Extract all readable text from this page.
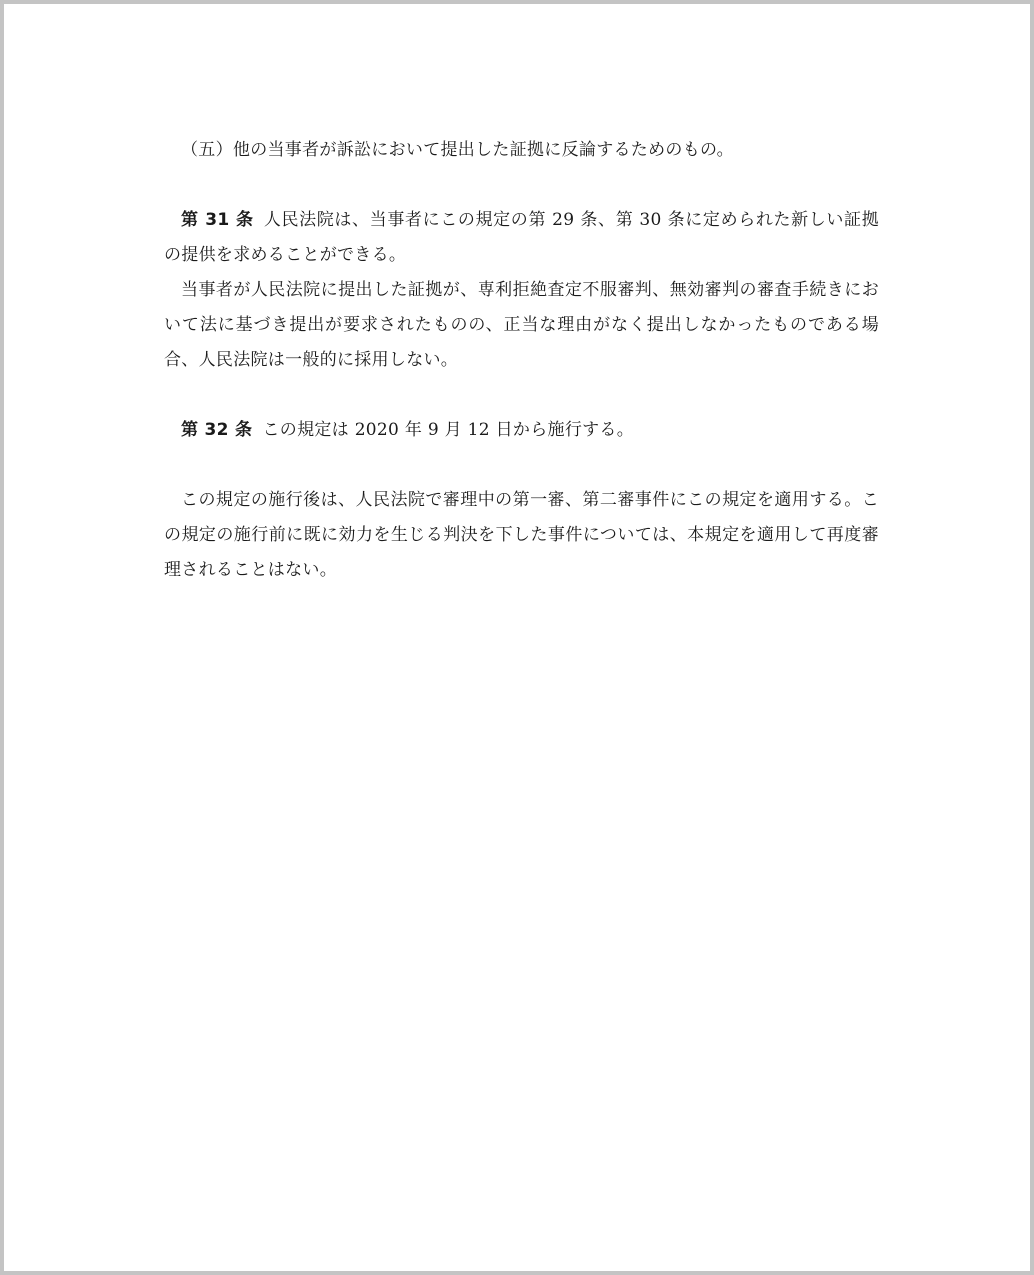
（五）他の当事者が訴訟において提出した証拠に反論するためのもの。

第 31 条 人民法院は、当事者にこの規定の第 29 条、第 30 条に定められた新しい証拠の提供を求めることができる。

当事者が人民法院に提出した証拠が、専利拒絶査定不服審判、無効審判の審査手続きにおいて法に基づき提出が要求されたものの、正当な理由がなく提出しなかったものである場合、人民法院は一般的に採用しない。

第 32 条 この規定は 2020 年 9 月 12 日から施行する。

この規定の施行後は、人民法院で審理中の第一審、第二審事件にこの規定を適用する。この規定の施行前に既に効力を生じる判決を下した事件については、本規定を適用して再度審理されることはない。
